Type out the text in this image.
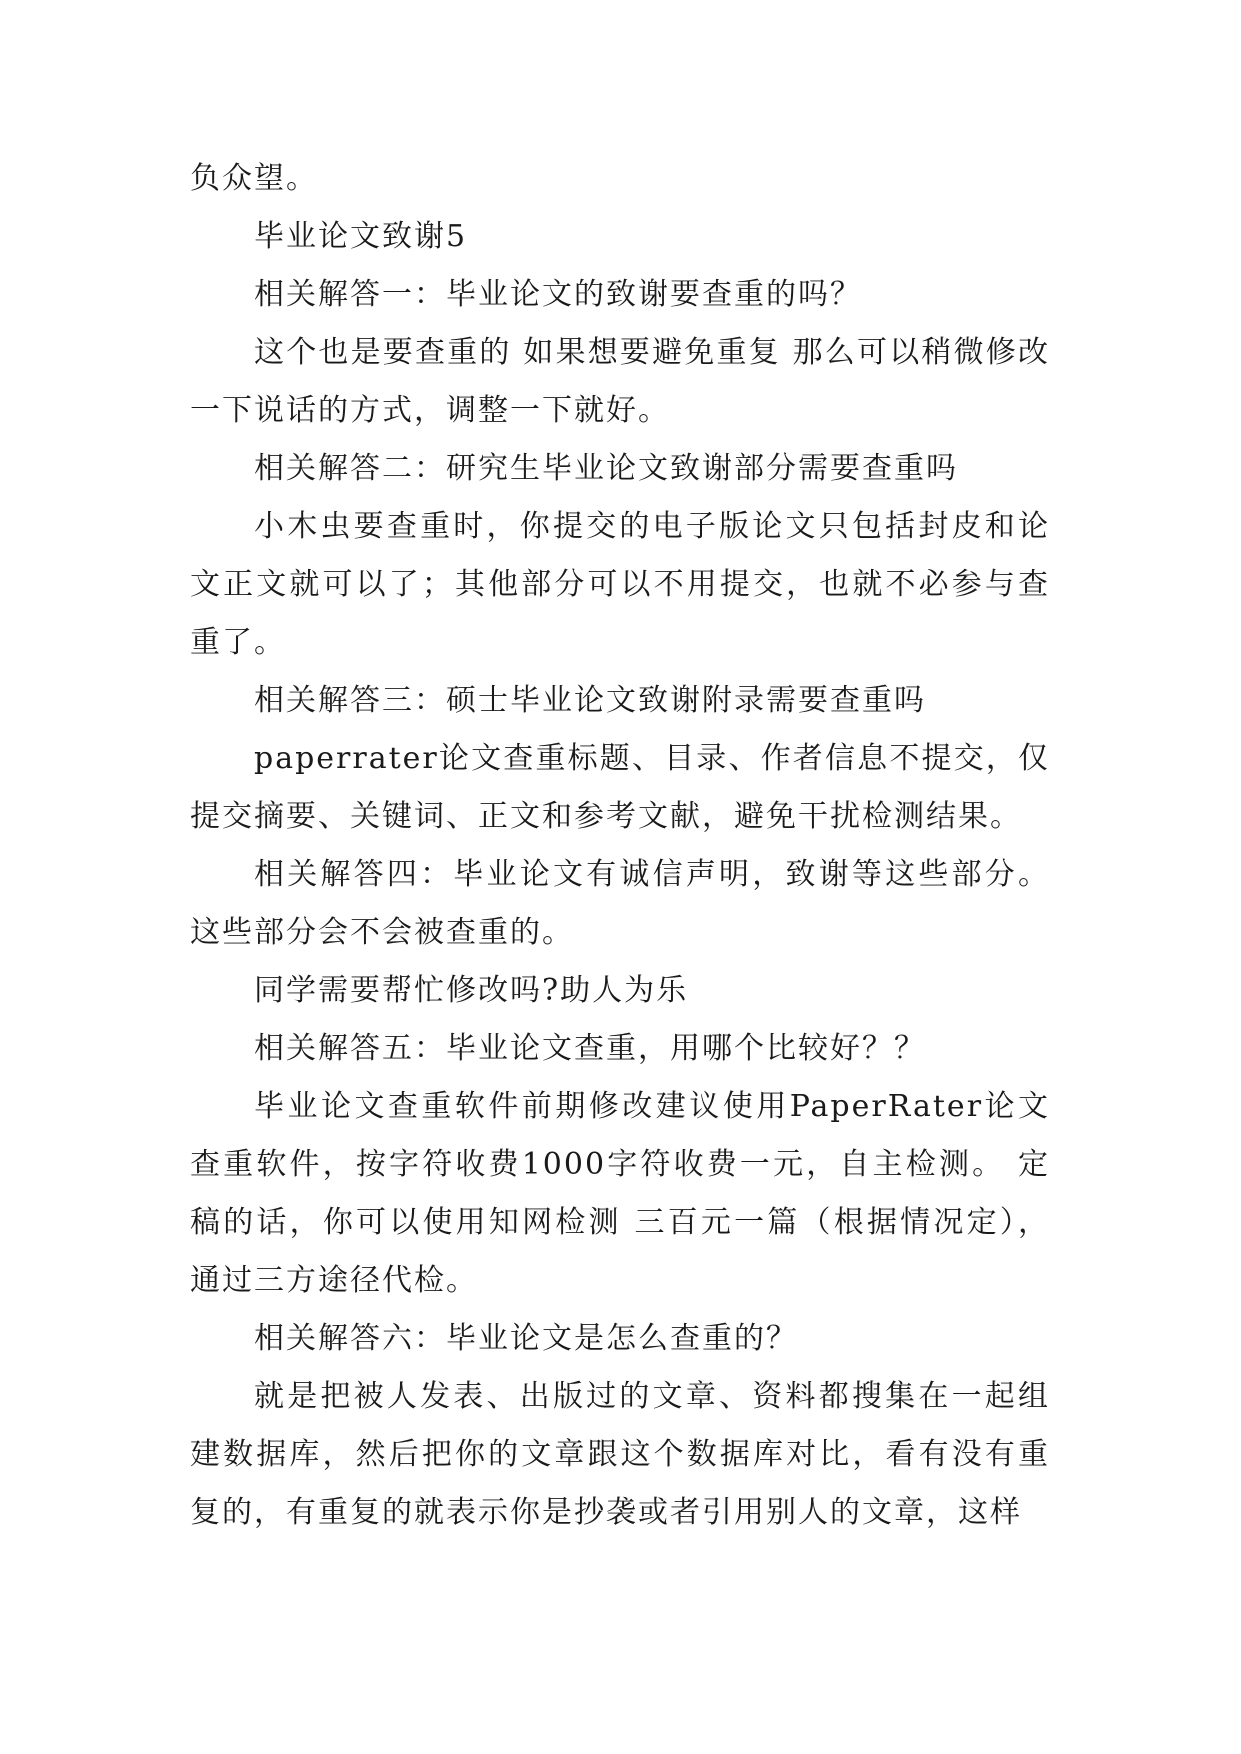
负众望。

毕业论文致谢5

相关解答一：毕业论文的致谢要查重的吗？

这个也是要查重的 如果想要避免重复 那么可以稍微修改一下说话的方式，调整一下就好。

相关解答二：研究生毕业论文致谢部分需要查重吗

小木虫要查重时，你提交的电子版论文只包括封皮和论文正文就可以了；其他部分可以不用提交，也就不必参与查重了。

相关解答三：硕士毕业论文致谢附录需要查重吗

paperrater论文查重标题、目录、作者信息不提交，仅提交摘要、关键词、正文和参考文献，避免干扰检测结果。

相关解答四：毕业论文有诚信声明，致谢等这些部分。这些部分会不会被查重的。

同学需要帮忙修改吗?助人为乐

相关解答五：毕业论文查重，用哪个比较好？？

毕业论文查重软件前期修改建议使用PaperRater论文查重软件，按字符收费1000字符收费一元，自主检测。 定稿的话，你可以使用知网检测 三百元一篇（根据情况定），通过三方途径代检。

相关解答六：毕业论文是怎么查重的？

就是把被人发表、出版过的文章、资料都搜集在一起组建数据库，然后把你的文章跟这个数据库对比，看有没有重复的，有重复的就表示你是抄袭或者引用别人的文章，这样
